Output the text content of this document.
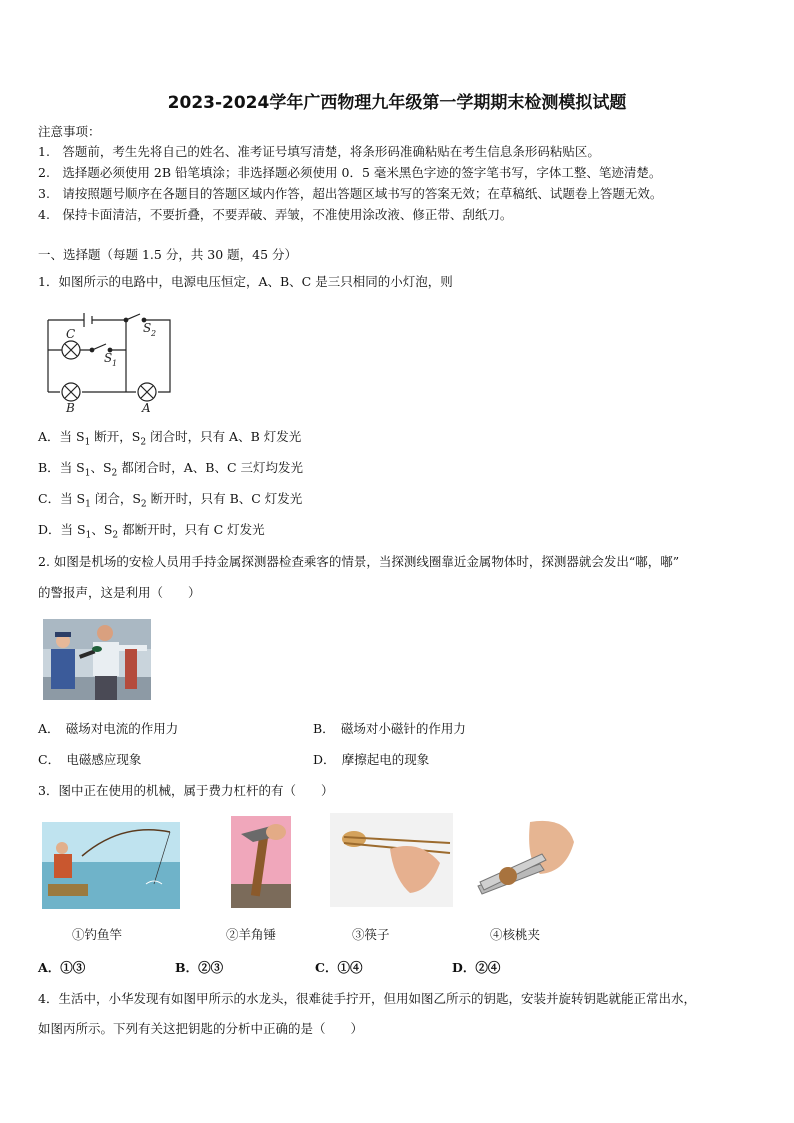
2023-2024学年广西物理九年级第一学期期末检测模拟试题
注意事项：
1.　答题前，考生先将自己的姓名、准考证号填写清楚，将条形码准确粘贴在考生信息条形码粘贴区。
2.　选择题必须使用 2B 铅笔填涂；非选择题必须使用 0．5 毫米黑色字迹的签字笔书写，字体工整、笔迹清楚。
3.　请按照题号顺序在各题目的答题区域内作答，超出答题区域书写的答案无效；在草稿纸、试题卷上答题无效。
4.　保持卡面清洁，不要折叠，不要弄破、弄皱，不准使用涂改液、修正带、刮纸刀。
一、选择题（每题 1.5 分，共 30 题，45 分）
1．如图所示的电路中，电源电压恒定，A、B、C 是三只相同的小灯泡，则
C
S 1
S 2
B	A
A．当 $S_1$ 断开，$S_2$ 闭合时，只有 A、B 灯发光
B．当 $S_1$、$S_2$ 都闭合时，A、B、C 三灯均发光
C．当 $S_1$ 闭合，$S_2$ 断开时，只有 B、C 灯发光
D．当 $S_1$、$S_2$ 都断开时，只有 C 灯发光
2. 如图是机场的安检人员用手持金属探测器检查乘客的情景，当探测线圈靠近金属物体时，探测器就会发出“嘟，嘟”
的警报声，这是利用（　　）
A．　磁场对电流的作用力	B．　磁场对小磁针的作用力
C．　电磁感应现象	D．　摩擦起电的现象
3．图中正在使用的机械，属于费力杠杆的有（　　）
①钓鱼竿	②羊角锤	③筷子	④核桃夹
A．①③	B．②③	C．①④	D．②④
4．生活中，小华发现有如图甲所示的水龙头，很难徒手拧开，但用如图乙所示的钥匙，安装并旋转钥匙就能正常出水，
如图丙所示。下列有关这把钥匙的分析中正确的是（　　）
